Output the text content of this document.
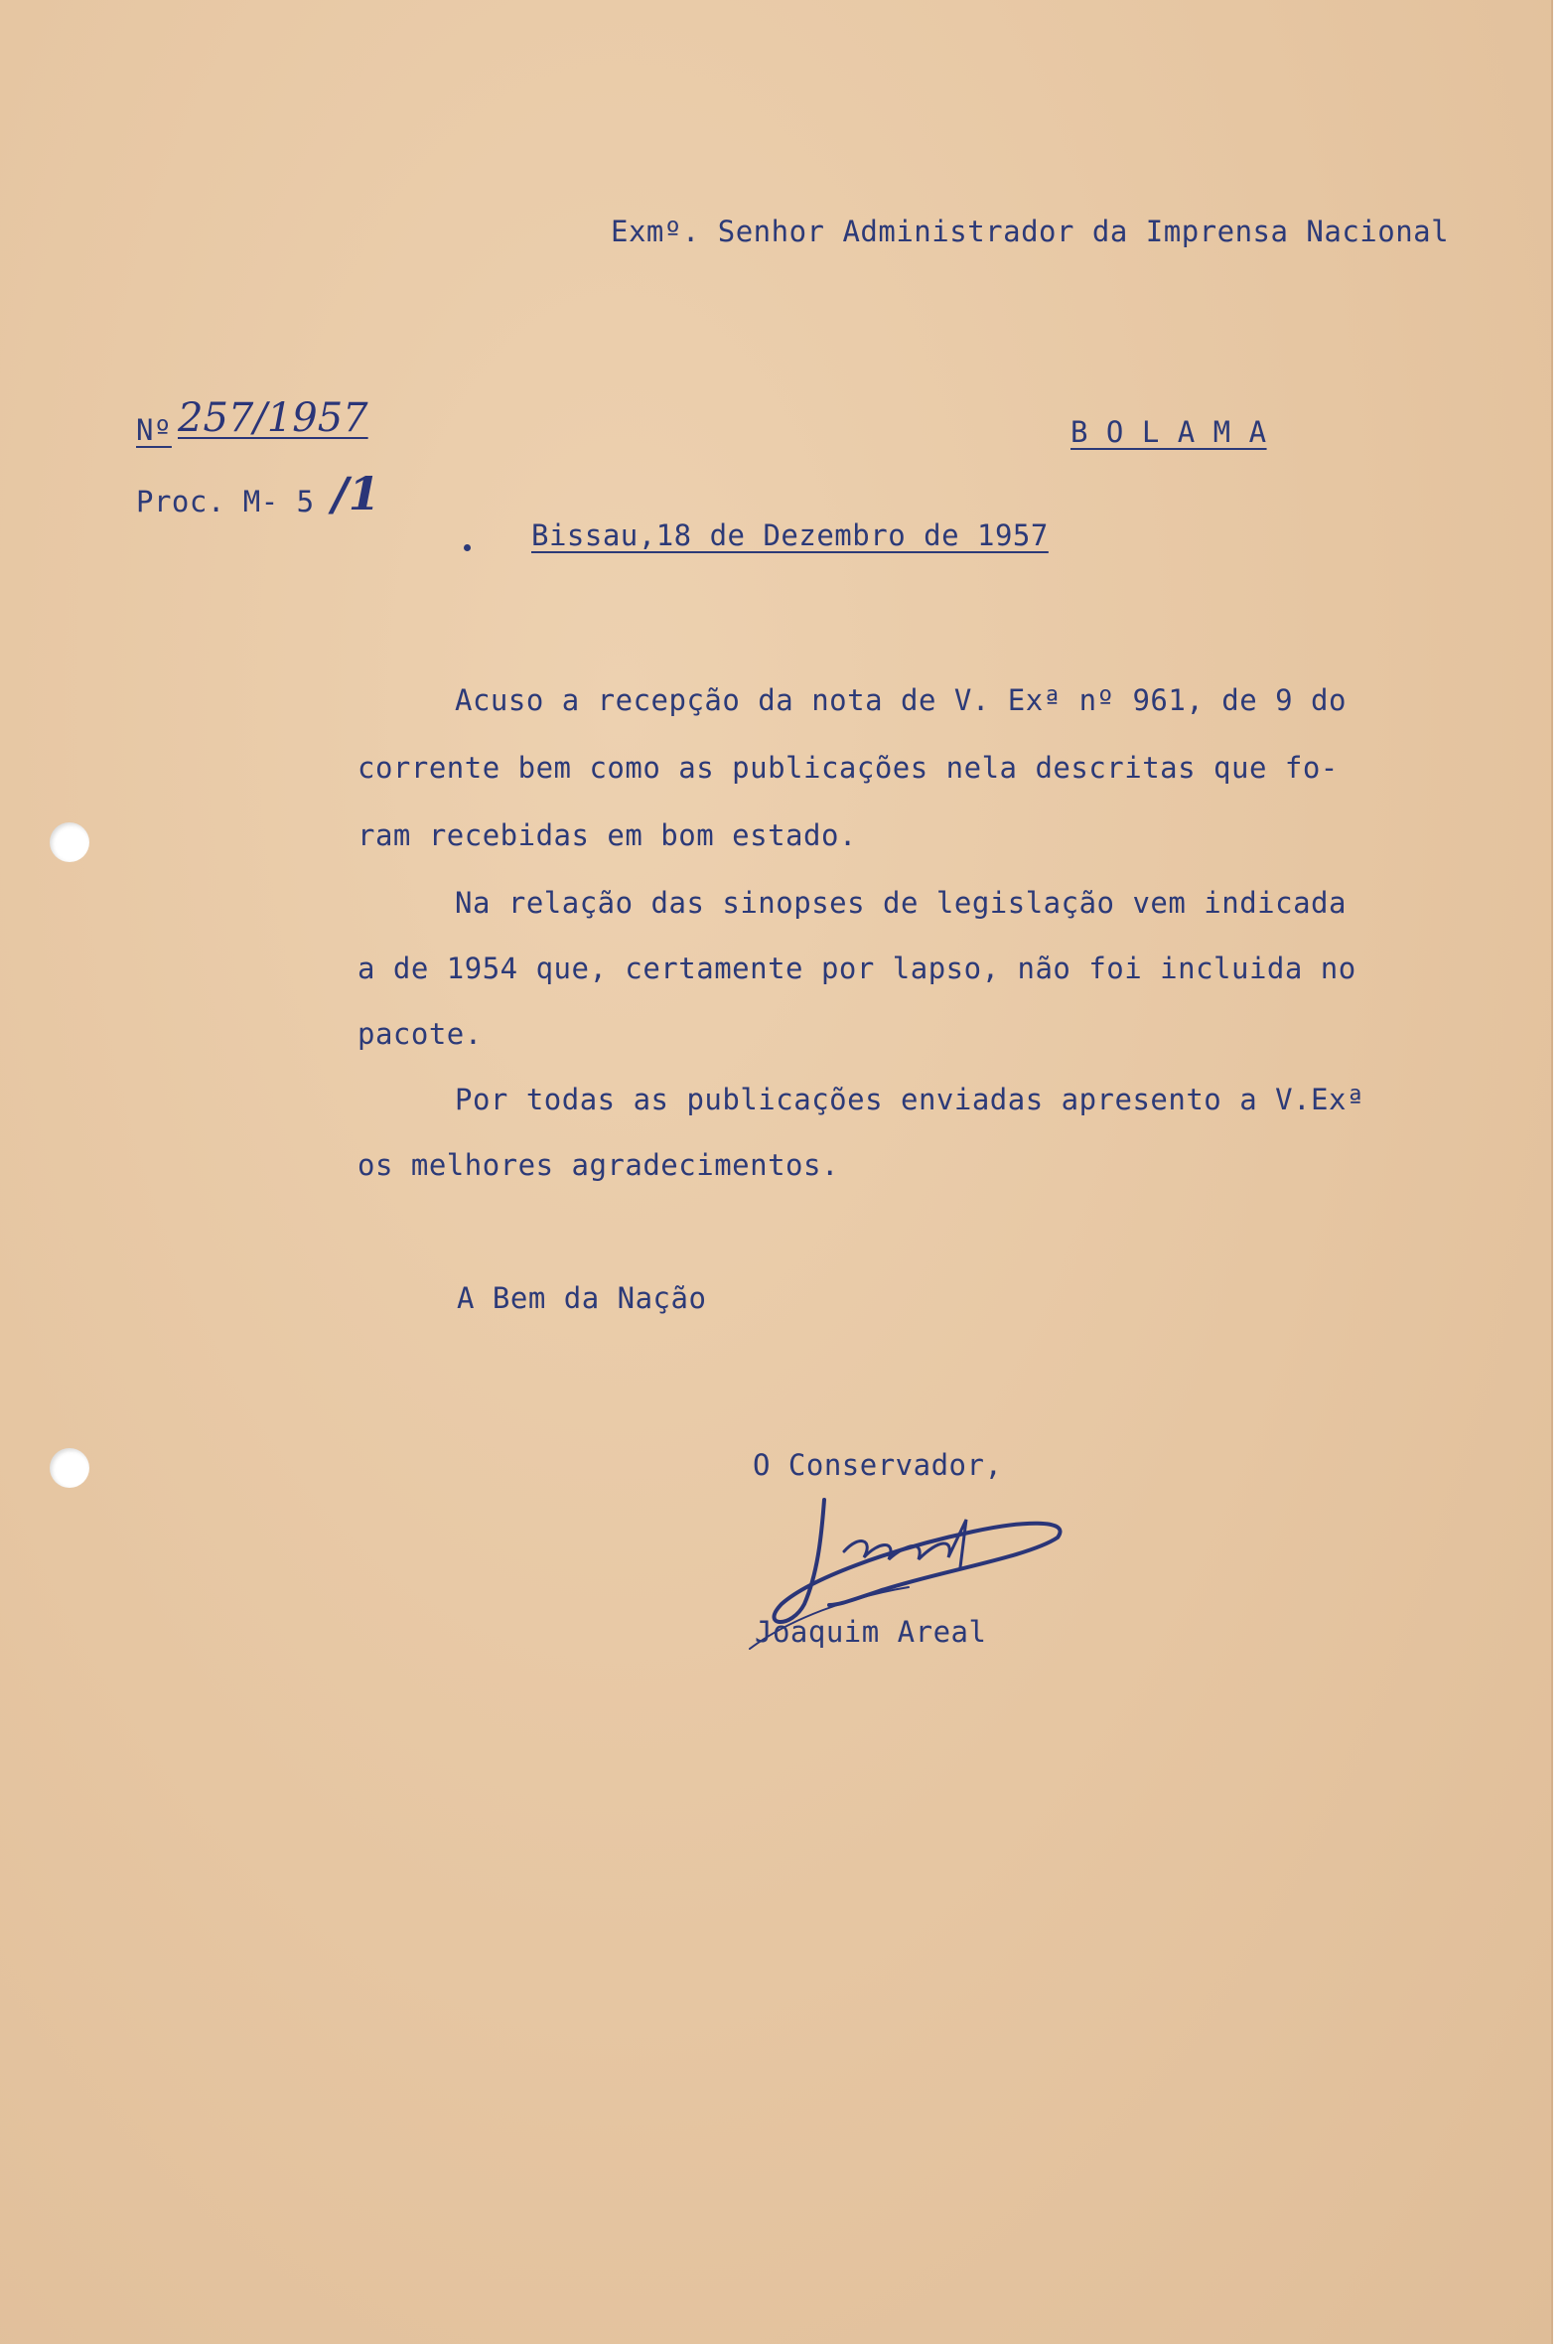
Exmº. Senhor Administrador da Imprensa Nacional
Nº 257/1957	B O L A M A
Proc. M- 5 /1
Bissau,18 de Dezembro de 1957
Acuso a recepção da nota de V. Exª nº 961, de 9 do
corrente bem como as publicações nela descritas que fo-
ram recebidas em bom estado.
Na relação das sinopses de legislação vem indicada
a de 1954 que, certamente por lapso, não foi incluida no
pacote.
Por todas as publicações enviadas apresento a V.Exª
os melhores agradecimentos.
A Bem da Nação
O Conservador,
Joaquim Areal
